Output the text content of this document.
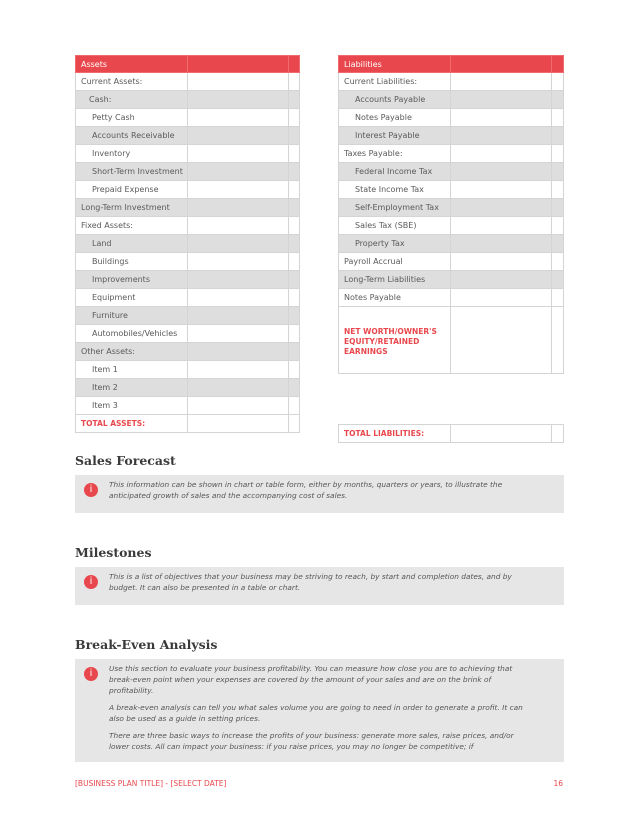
Assets		
Current Assets:		
Cash:		
Petty Cash		
Accounts Receivable		
Inventory		
Short-Term Investment		
Prepaid Expense		
Long-Term Investment		
Fixed Assets:		
Land		
Buildings		
Improvements		
Equipment		
Furniture		
Automobiles/Vehicles		
Other Assets:		
Item 1		
Item 2		
Item 3		
TOTAL ASSETS:		
Liabilities		
Current Liabilities:		
Accounts Payable		
Notes Payable		
Interest Payable		
Taxes Payable:		
Federal Income Tax		
State Income Tax		
Self-Employment Tax		
Sales Tax (SBE)		
Property Tax		
Payroll Accrual		
Long-Term Liabilities		
Notes Payable		
NET WORTH/OWNER'S EQUITY/RETAINED EARNINGS		

TOTAL LIABILITIES:		
Sales Forecast
i	This information can be shown in chart or table form, either by months, quarters or years, to illustrate the anticipated growth of sales and the accompanying cost of sales.

Milestones
i	This is a list of objectives that your business may be striving to reach, by start and completion dates, and by budget. It can also be presented in a table or chart.

Break-Even Analysis
i	Use this section to evaluate your business profitability. You can measure how close you are to achieving that break-even point when your expenses are covered by the amount of your sales and are on the brink of profitability.

A break-even analysis can tell you what sales volume you are going to need in order to generate a profit. It can also be used as a guide in setting prices.

There are three basic ways to increase the profits of your business: generate more sales, raise prices, and/or lower costs. All can impact your business: if you raise prices, you may no longer be competitive; if

[BUSINESS PLAN TITLE] - [SELECT DATE]	16
